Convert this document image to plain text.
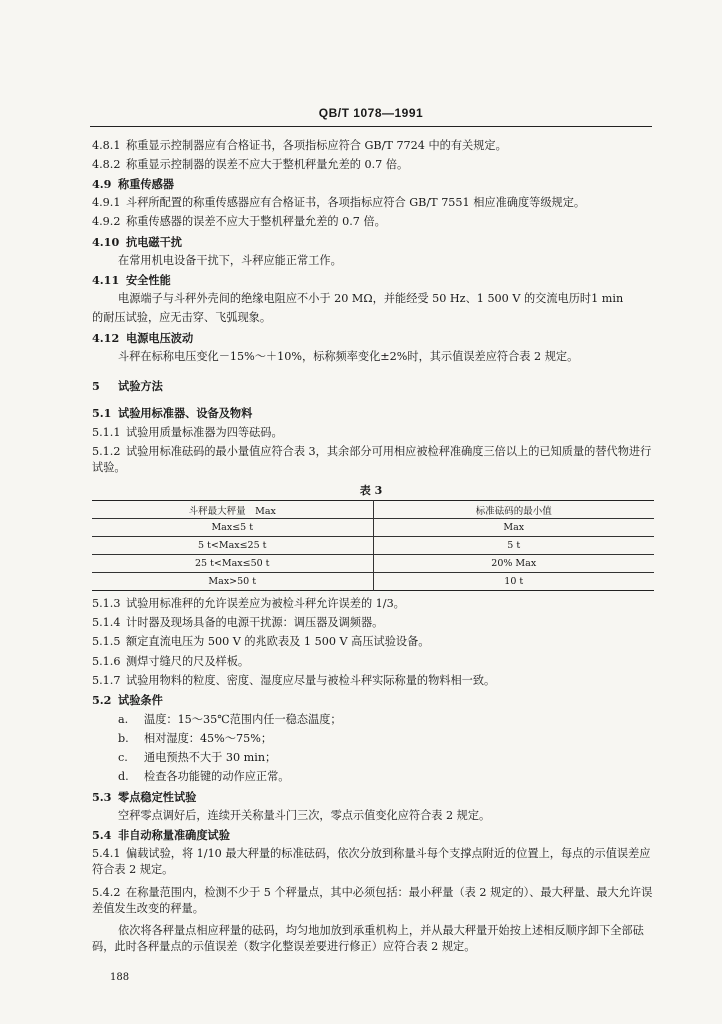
QB/T 1078—1991
4.8.1 称重显示控制器应有合格证书，各项指标应符合 GB/T 7724 中的有关规定。
4.8.2 称重显示控制器的误差不应大于整机秤量允差的 0.7 倍。
4.9 称重传感器
4.9.1 斗秤所配置的称重传感器应有合格证书，各项指标应符合 GB/T 7551 相应准确度等级规定。
4.9.2 称重传感器的误差不应大于整机秤量允差的 0.7 倍。
4.10 抗电磁干扰
在常用机电设备干扰下，斗秤应能正常工作。
4.11 安全性能
电源端子与斗秤外壳间的绝缘电阻应不小于 20 MΩ，并能经受 50 Hz、1 500 V 的交流电历时1 min
的耐压试验，应无击穿、飞弧现象。
4.12 电源电压波动
斗秤在标称电压变化－15%～＋10%，标称频率变化±2%时，其示值误差应符合表 2 规定。
5 试验方法
5.1 试验用标准器、设备及物料
5.1.1 试验用质量标准器为四等砝码。
5.1.2 试验用标准砝码的最小量值应符合表 3，其余部分可用相应被检秤准确度三倍以上的已知质量的替代物进行试验。
表 3
斗秤最大秤量　Max	标准砝码的最小值
Max≤5 t	Max
5 t<Max≤25 t	5 t
25 t<Max≤50 t	20% Max
Max>50 t	10 t
5.1.3 试验用标准秤的允许误差应为被检斗秤允许误差的 1/3。
5.1.4 计时器及现场具备的电源干扰源：调压器及调频器。
5.1.5 额定直流电压为 500 V 的兆欧表及 1 500 V 高压试验设备。
5.1.6 测焊寸缝尺的尺及样板。
5.1.7 试验用物料的粒度、密度、湿度应尽量与被检斗秤实际称量的物料相一致。
5.2 试验条件
a. 温度：15～35℃范围内任一稳态温度；
b. 相对湿度：45%～75%；
c. 通电预热不大于 30 min；
d. 检查各功能键的动作应正常。
5.3 零点稳定性试验
空秤零点调好后，连续开关称量斗门三次，零点示值变化应符合表 2 规定。
5.4 非自动称量准确度试验
5.4.1 偏载试验，将 1/10 最大秤量的标准砝码，依次分放到称量斗每个支撑点附近的位置上，每点的示值误差应符合表 2 规定。
5.4.2 在称量范围内，检测不少于 5 个秤量点，其中必须包括：最小秤量（表 2 规定的）、最大秤量、最大允许误差值发生改变的秤量。
依次将各秤量点相应秤量的砝码，均匀地加放到承重机构上，并从最大秤量开始按上述相反顺序卸下全部砝码，此时各秤量点的示值误差（数字化整误差要进行修正）应符合表 2 规定。
188
